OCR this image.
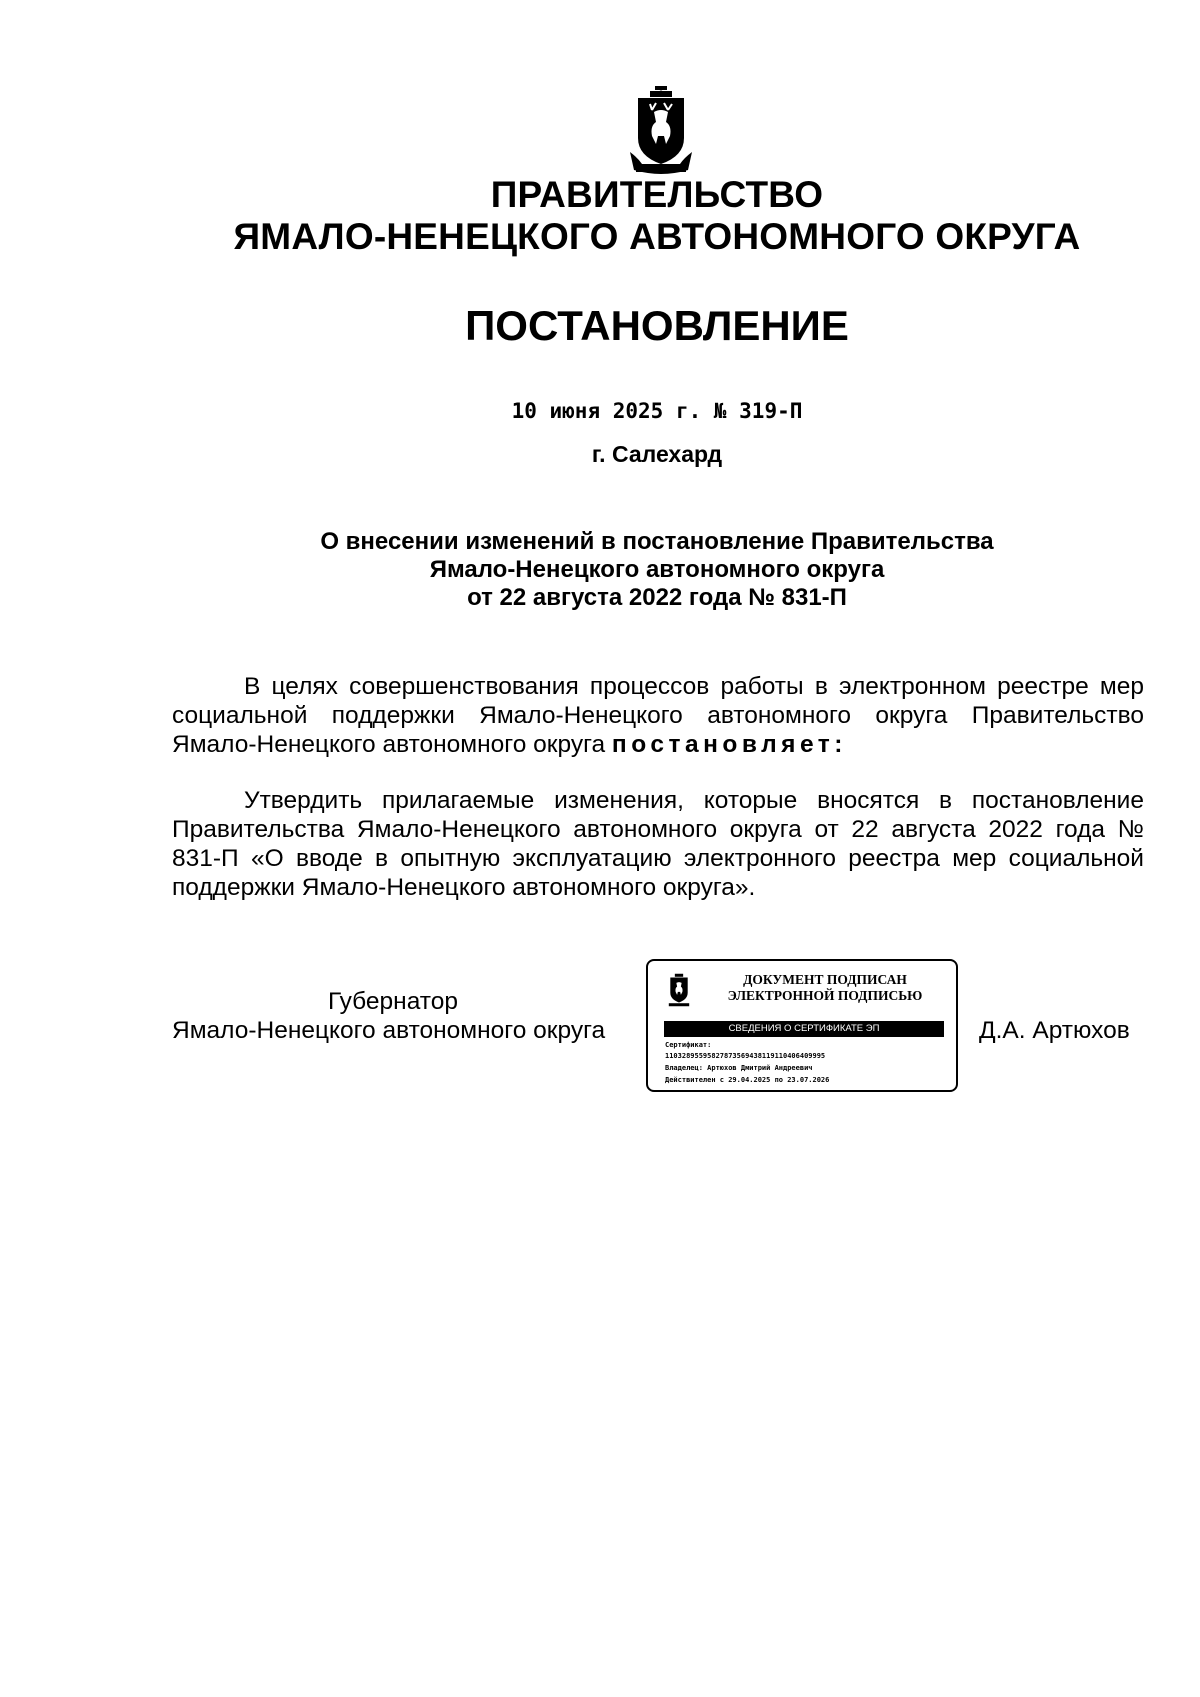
ПРАВИТЕЛЬСТВО
ЯМАЛО-НЕНЕЦКОГО АВТОНОМНОГО ОКРУГА
ПОСТАНОВЛЕНИЕ
10 июня 2025 г. № 319-П
г. Салехард
О внесении изменений в постановление Правительства
Ямало-Ненецкого автономного округа
от 22 августа 2022 года № 831-П
В целях совершенствования процессов работы в электронном реестре мер социальной поддержки Ямало-Ненецкого автономного округа Правительство Ямало-Ненецкого автономного округа постановляет:
Утвердить прилагаемые изменения, которые вносятся в постановление Правительства Ямало-Ненецкого автономного округа от 22 августа 2022 года № 831-П «О вводе в опытную эксплуатацию электронного реестра мер социальной поддержки Ямало-Ненецкого автономного округа».
Губернатор
Ямало-Ненецкого автономного округа
ДОКУМЕНТ ПОДПИСАН
ЭЛЕКТРОННОЙ ПОДПИСЬЮ
СВЕДЕНИЯ О СЕРТИФИКАТЕ ЭП
Сертификат:
11032895595827873569438119110406409995
Владелец: Артюхов Дмитрий Андреевич
Действителен с 29.04.2025 по 23.07.2026
Д.А. Артюхов
